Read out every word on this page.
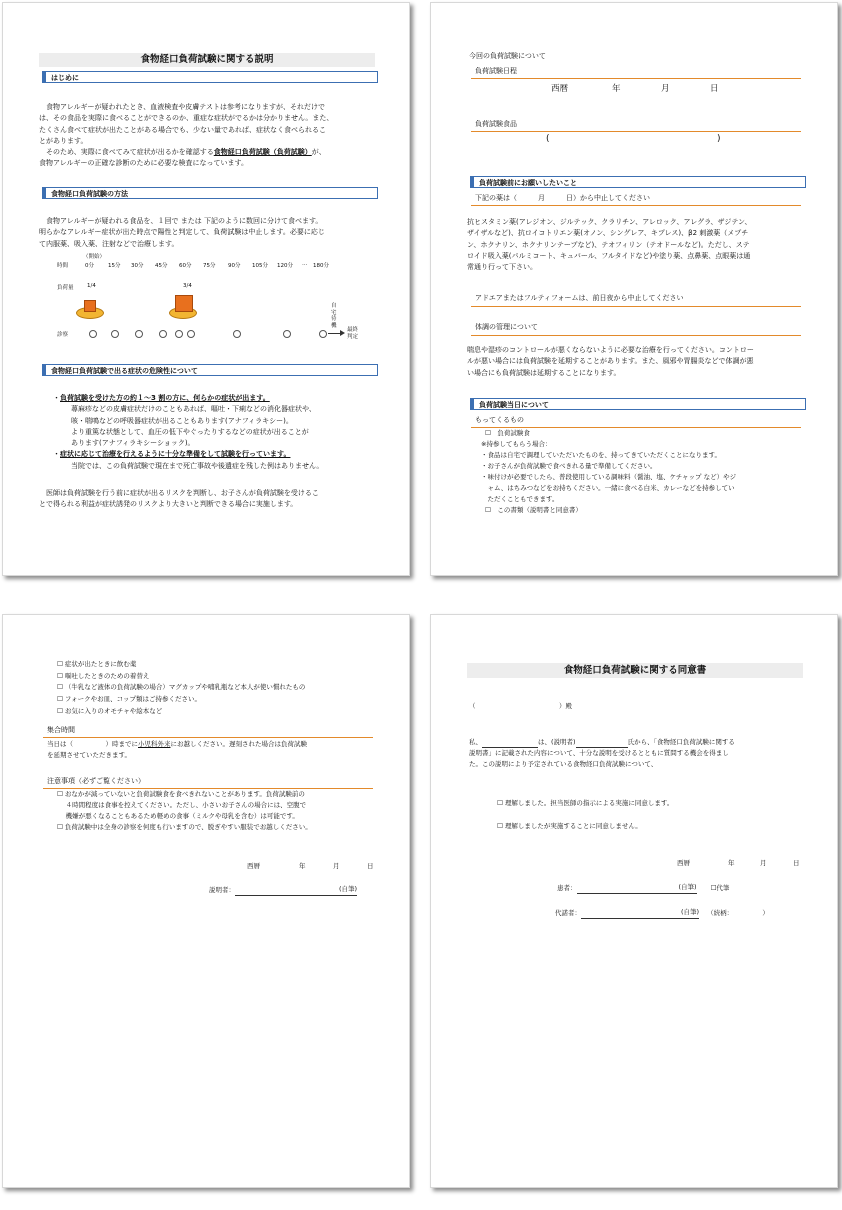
食物経口負荷試験に関する説明
はじめに
　食物アレルギーが疑われたとき、血液検査や皮膚テストは参考になりますが、それだけで
は、その食品を実際に食べることができるのか、重症な症状がでるかは分かりません。また、
たくさん食べて症状が出たことがある場合でも、少ない量であれば、症状なく食べられるこ
とがあります。
　そのため、実際に食べてみて症状が出るかを確認する食物経口負荷試験（負荷試験）が、
食物アレルギーの正確な診断のために必要な検査になっています。
食物経口負荷試験の方法
　食物アレルギーが疑われる食品を、１回で または 下記のように数回に分けて食べます。
明らかなアレルギー症状が出た時点で陽性と判定して、負荷試験は中止します。必要に応じ
て内服薬、吸入薬、注射などで治療します。
（開始）
時間	0分	15分 30分 45分 60分 75分 90分 105分 120分 … 180分
負荷量 1/4	3/4
診察
自宅待機
最終判定
食物経口負荷試験で出る症状の危険性について
・負荷試験を受けた方の約１〜3 割の方に、何らかの症状が出ます。
蕁麻疹などの皮膚症状だけのこともあれば、嘔吐・下痢などの消化器症状や、
咳・喘鳴などの呼吸器症状が出ることもあります(アナフィラキシー)。
より重篤な状態として、血圧の低下やぐったりするなどの症状が出ることが
あります(アナフィラキシーショック)。
・症状に応じて治療を行えるように十分な準備をして試験を行っています。
当院では、この負荷試験で現在まで死亡事故や後遺症を残した例はありません。
　医師は負荷試験を行う前に症状が出るリスクを判断し、お子さんが負荷試験を受けるこ
とで得られる利益が症状誘発のリスクより大きいと判断できる場合に実施します。
今回の負荷試験について
負荷試験日程
西暦	年	月	日
負荷試験食品
(	)
負荷試験前にお願いしたいこと
下記の薬は（　　　月　　　日）から中止してください
抗ヒスタミン薬(アレジオン、ジルテック、クラリチン、アレロック、アレグラ、ザジテン、
ザイザルなど)、抗ロイコトリエン薬(オノン、シングレア、キプレス)、β2 刺激薬（メプチ
ン、ホクナリン、ホクナリンテープなど)、テオフィリン（テオドールなど)。ただし、ステ
ロイド吸入薬(パルミコート、キュバール、フルタイドなど)や塗り薬、点鼻薬、点眼薬は通
常通り行って下さい。
アドエアまたはフルティフォームは、前日夜から中止してください
体調の管理について
喘息や湿疹のコントロールが悪くならないように必要な治療を行ってください。コントロー
ルが悪い場合には負荷試験を延期することがあります。また、風邪や胃腸炎などで体調が悪
い場合にも負荷試験は延期することになります。
負荷試験当日について
もってくるもの
☐　負荷試験食
※持参してもらう場合：
・食品は自宅で調理していただいたものを、持ってきていただくことになります。
・お子さんが負荷試験で食べきれる量で準備してください。
・味付けが必要でしたら、普段使用している調味料（醤油、塩、ケチャップ など）やジ
　ャム、はちみつなどをお持ちください。一緒に食べる白米、カレーなどを持参してい
　ただくこともできます。
☐　この書類（説明書と同意書）
☐ 症状が出たときに飲む薬
☐ 嘔吐したときのための着替え
☐ （牛乳など液体の負荷試験の場合）マグカップや哺乳瓶など本人が使い慣れたもの
☐ フォークやお皿、コップ類はご持参ください。
☐ お気に入りのオモチャや絵本など
集合時間
当日は（　　　　　）時までに小児科外来にお越しください。遅刻された場合は負荷試験
を延期させていただきます。
注意事項（必ずご覧ください）
☐ おなかが減っていないと負荷試験食を食べきれないことがあります。負荷試験前の
　 ４時間程度は食事を控えてください。ただし、小さいお子さんの場合には、空腹で
　 機嫌が悪くなることもあるため軽めの食事（ミルクや母乳を含む）は可能です。
☐ 負荷試験中は全身の診察を何度も行いますので、脱ぎやすい服装でお越しください。
西暦	年	月	日
説明者：	(自筆)
食物経口負荷試験に関する同意書
（	）殿
私、	は、(説明者)	氏から、「食物経口負荷試験に関する
説明書」に記載された内容について、十分な説明を受けるとともに質問する機会を得まし
た。この説明により予定されている食物経口負荷試験について、
☐ 理解しました。担当医師の指示による実施に同意します。
☐ 理解しましたが実施することに同意しません。
西暦	年	月	日
患者：	(自筆) ☐代筆
代諾者：	(自筆) （続柄：　　　　　）
